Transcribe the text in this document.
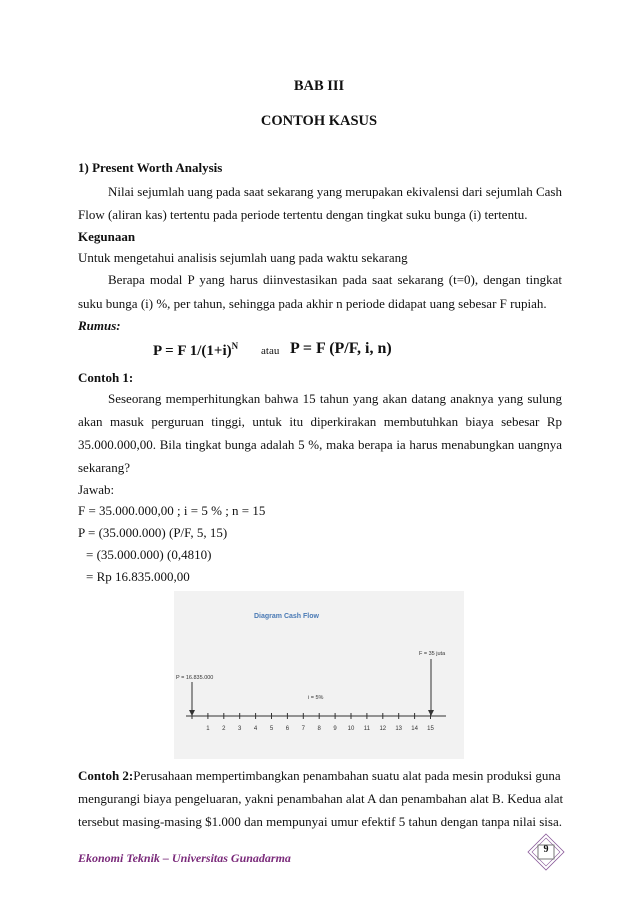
BAB III
CONTOH KASUS
1) Present Worth Analysis
Nilai sejumlah uang pada saat sekarang yang merupakan ekivalensi dari sejumlah Cash
Flow (aliran kas) tertentu pada periode tertentu dengan tingkat suku bunga (i) tertentu.
Kegunaan
Untuk mengetahui analisis sejumlah uang pada waktu sekarang
Berapa modal P yang harus diinvestasikan pada saat sekarang (t=0), dengan tingkat
suku bunga (i) %, per tahun, sehingga pada akhir n periode didapat uang sebesar F rupiah.
Rumus:
P = F $1/(1+i)^N$ atau P = F (P/F, i, n)
Contoh 1:
Seseorang memperhitungkan bahwa 15 tahun yang akan datang anaknya yang sulung
akan masuk perguruan tinggi, untuk itu diperkirakan membutuhkan biaya sebesar Rp
35.000.000,00. Bila tingkat bunga adalah 5 %, maka berapa ia harus menabungkan uangnya
sekarang?
Jawab:
F = 35.000.000,00 ; i = 5 % ; n = 15
P = (35.000.000) (P/F, 5, 15)
= (35.000.000) (0,4810)
= Rp 16.835.000,00
Diagram Cash Flow
P = 16.835.000
F = 35 juta
i = 5%
1 2 3 4 5 6 7 8 9 10 11 12 13 14 15
Contoh 2:Perusahaan mempertimbangkan penambahan suatu alat pada mesin produksi guna
mengurangi biaya pengeluaran, yakni penambahan alat A dan penambahan alat B. Kedua alat
tersebut masing-masing $1.000 dan mempunyai umur efektif 5 tahun dengan tanpa nilai sisa.
Ekonomi Teknik – Universitas Gunadarma
9
